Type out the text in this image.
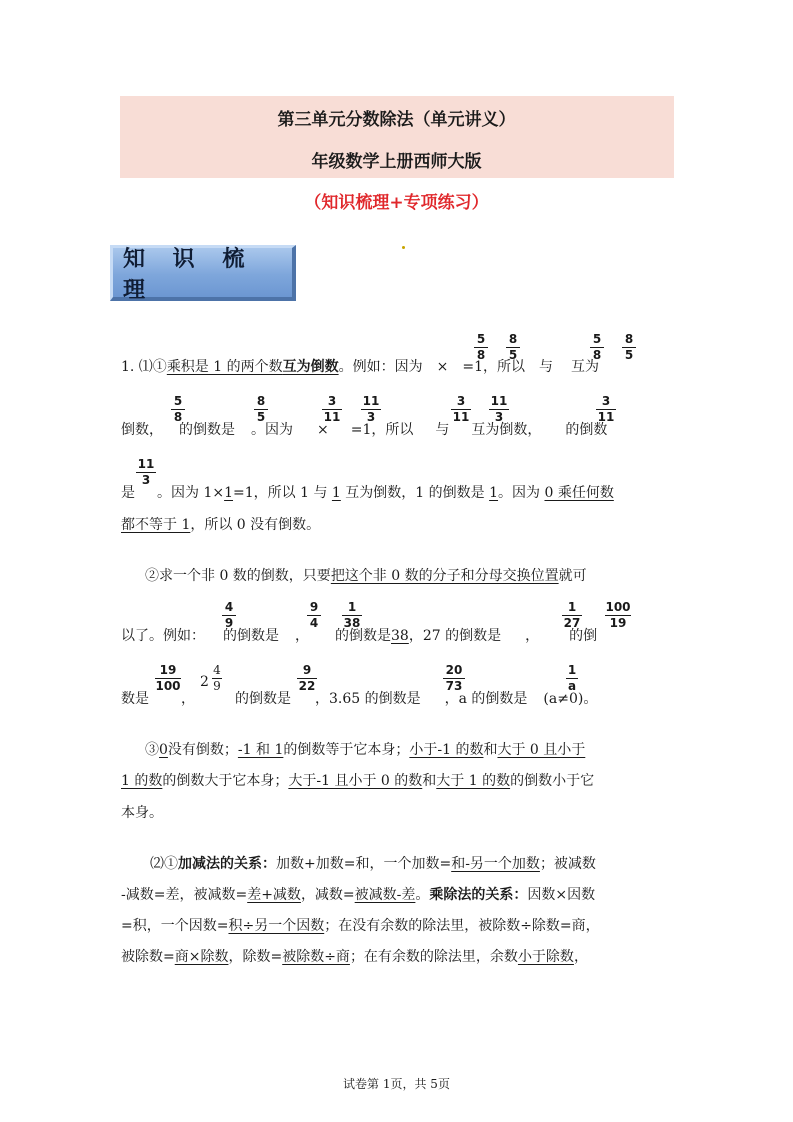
第三单元分数除法（单元讲义）
年级数学上册西师大版
（知识梳理+专项练习）
知 识 梳 理
5
8
8
5
5
8
8
5
1. ⑴①乘积是 1 的两个数互为倒数。例如：因为 × =1，所以 与 互为
5
8
8
5
3
11
11
3
3
11
11
3
3
11
倒数， 的倒数是 。因为 × =1，所以 与 互为倒数， 的倒数
11
3
是 。因为 1×1=1，所以 1 与 1 互为倒数，1 的倒数是 1。因为 0 乘任何数
都不等于 1，所以 0 没有倒数。
②求一个非 0 数的倒数，只要把这个非 0 数的分子和分母交换位置就可
4
9
9
4
1
38
1
27
100
19
以了。例如： 的倒数是 ， 的倒数是38，27 的倒数是 ， 的倒
19
100 2
4
9
9
22
20
73
1
a
数是 ，	的倒数是 ，3.65 的倒数是 ，a 的倒数是 (a≠0)。
③0没有倒数；-1 和 1的倒数等于它本身；小于-1 的数和大于 0 且小于
1 的数的倒数大于它本身；大于-1 且小于 0 的数和大于 1 的数的倒数小于它
本身。
⑵①加减法的关系：加数+加数=和，一个加数=和-另一个加数；被减数
-减数=差，被减数=差+减数，减数=被减数-差。乘除法的关系：因数×因数
=积，一个因数=积÷另一个因数；在没有余数的除法里，被除数÷除数=商，
被除数=商×除数，除数=被除数÷商；在有余数的除法里，余数小于除数，
试卷第 1页，共 5页
